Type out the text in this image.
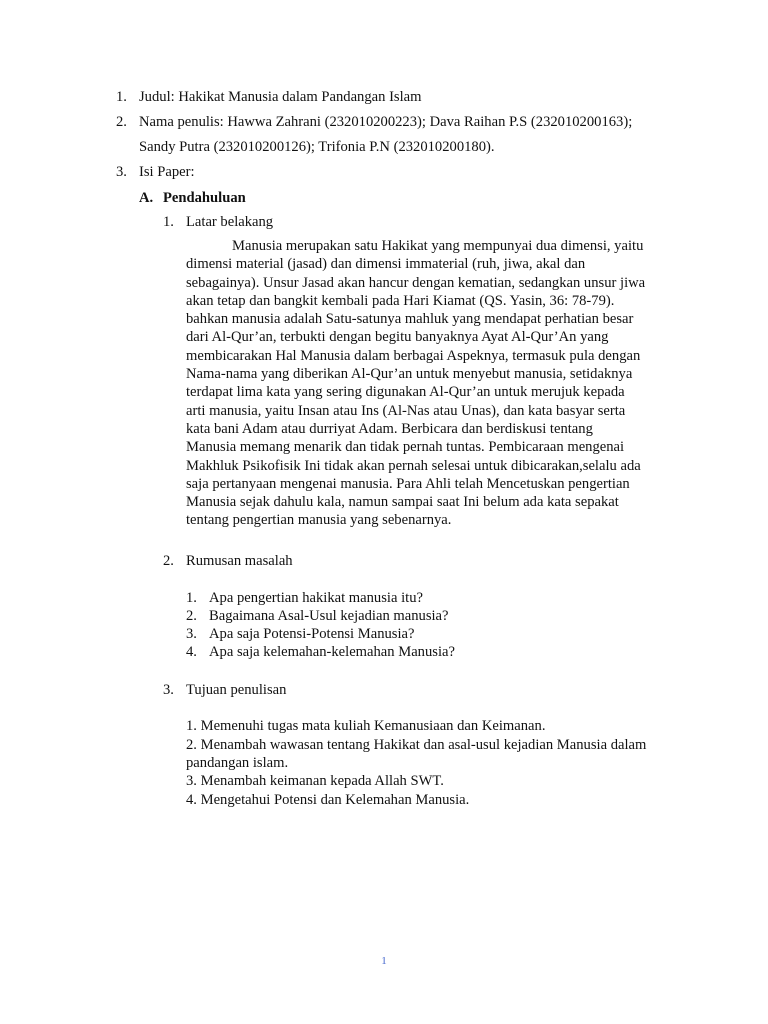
1. Judul: Hakikat Manusia dalam Pandangan Islam
2. Nama penulis: Hawwa Zahrani (232010200223); Dava Raihan P.S (232010200163);
Sandy Putra (232010200126); Trifonia P.N (232010200180).
3. Isi Paper:
A. Pendahuluan
1. Latar belakang
Manusia merupakan satu Hakikat yang mempunyai dua dimensi, yaitu
dimensi material (jasad) dan dimensi immaterial (ruh, jiwa, akal dan
sebagainya). Unsur Jasad akan hancur dengan kematian, sedangkan unsur jiwa
akan tetap dan bangkit kembali pada Hari Kiamat (QS. Yasin, 36: 78-79).
bahkan manusia adalah Satu-satunya mahluk yang mendapat perhatian besar
dari Al-Qur’an, terbukti dengan begitu banyaknya Ayat Al-Qur’An yang
membicarakan Hal Manusia dalam berbagai Aspeknya, termasuk pula dengan
Nama-nama yang diberikan Al-Qur’an untuk menyebut manusia, setidaknya
terdapat lima kata yang sering digunakan Al-Qur’an untuk merujuk kepada
arti manusia, yaitu Insan atau Ins (Al-Nas atau Unas), dan kata basyar serta
kata bani Adam atau durriyat Adam. Berbicara dan berdiskusi tentang
Manusia memang menarik dan tidak pernah tuntas. Pembicaraan mengenai
Makhluk Psikofisik Ini tidak akan pernah selesai untuk dibicarakan,selalu ada
saja pertanyaan mengenai manusia. Para Ahli telah Mencetuskan pengertian
Manusia sejak dahulu kala, namun sampai saat Ini belum ada kata sepakat
tentang pengertian manusia yang sebenarnya.
2. Rumusan masalah
1. Apa pengertian hakikat manusia itu?
2. Bagaimana Asal-Usul kejadian manusia?
3. Apa saja Potensi-Potensi Manusia?
4. Apa saja kelemahan-kelemahan Manusia?
3. Tujuan penulisan
1. Memenuhi tugas mata kuliah Kemanusiaan dan Keimanan.
2. Menambah wawasan tentang Hakikat dan asal-usul kejadian Manusia dalam
pandangan islam.
3. Menambah keimanan kepada Allah SWT.
4. Mengetahui Potensi dan Kelemahan Manusia.
1
